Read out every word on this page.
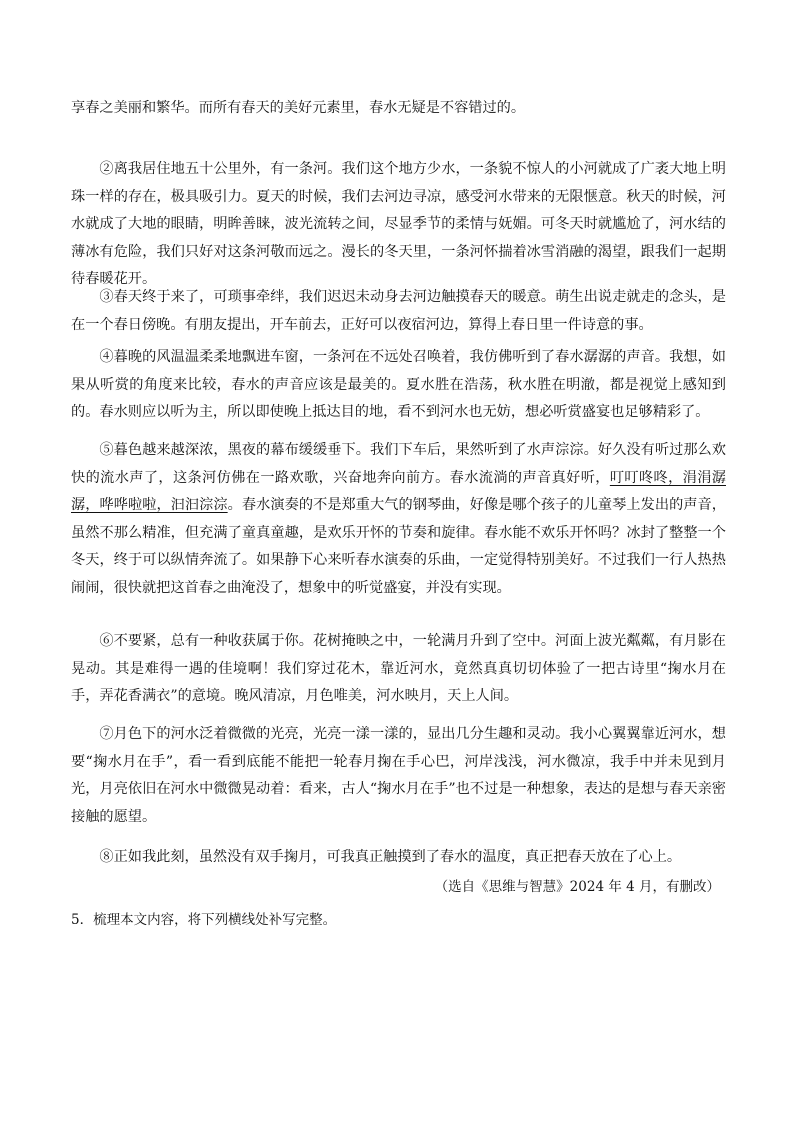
享春之美丽和繁华。而所有春天的美好元素里，春水无疑是不容错过的。

②离我居住地五十公里外，有一条河。我们这个地方少水，一条貌不惊人的小河就成了广袤大地上明珠一样的存在，极具吸引力。夏天的时候，我们去河边寻凉，感受河水带来的无限惬意。秋天的时候，河水就成了大地的眼睛，明眸善睐，波光流转之间，尽显季节的柔情与妩媚。可冬天时就尴尬了，河水结的薄冰有危险，我们只好对这条河敬而远之。漫长的冬天里，一条河怀揣着冰雪消融的渴望，跟我们一起期待春暖花开。

③春天终于来了，可琐事牵绊，我们迟迟未动身去河边触摸春天的暖意。萌生出说走就走的念头，是在一个春日傍晚。有朋友提出，开车前去，正好可以夜宿河边，算得上春日里一件诗意的事。

④暮晚的风温温柔柔地飘进车窗，一条河在不远处召唤着，我仿佛听到了春水潺潺的声音。我想，如果从听赏的角度来比较，春水的声音应该是最美的。夏水胜在浩荡，秋水胜在明澈，都是视觉上感知到的。春水则应以听为主，所以即使晚上抵达目的地，看不到河水也无妨，想必听赏盛宴也足够精彩了。

⑤暮色越来越深浓，黑夜的幕布缓缓垂下。我们下车后，果然听到了水声淙淙。好久没有听过那么欢快的流水声了，这条河仿佛在一路欢歌，兴奋地奔向前方。春水流淌的声音真好听，叮叮咚咚，涓涓潺潺，哗哗啦啦，汩汩淙淙。春水演奏的不是郑重大气的钢琴曲，好像是哪个孩子的儿童琴上发出的声音，虽然不那么精准，但充满了童真童趣，是欢乐开怀的节奏和旋律。春水能不欢乐开怀吗？冰封了整整一个冬天，终于可以纵情奔流了。如果静下心来听春水演奏的乐曲，一定觉得特别美好。不过我们一行人热热闹闹，很快就把这首春之曲淹没了，想象中的听觉盛宴，并没有实现。

⑥不要紧，总有一种收获属于你。花树掩映之中，一轮满月升到了空中。河面上波光粼粼，有月影在晃动。其是难得一遇的佳境啊！我们穿过花木，靠近河水，竟然真真切切体验了一把古诗里“掬水月在手，弄花香满衣”的意境。晚风清凉，月色唯美，河水映月，天上人间。

⑦月色下的河水泛着微微的光亮，光亮一漾一漾的，显出几分生趣和灵动。我小心翼翼靠近河水，想要“掬水月在手”，看一看到底能不能把一轮春月掬在手心巴，河岸浅浅，河水微凉，我手中并未见到月光，月亮依旧在河水中微微晃动着：看来，古人“掬水月在手”也不过是一种想象，表达的是想与春天亲密接触的愿望。

⑧正如我此刻，虽然没有双手掬月，可我真正触摸到了春水的温度，真正把春天放在了心上。

（选自《思维与智慧》2024 年 4 月，有删改）

5．梳理本文内容，将下列横线处补写完整。
